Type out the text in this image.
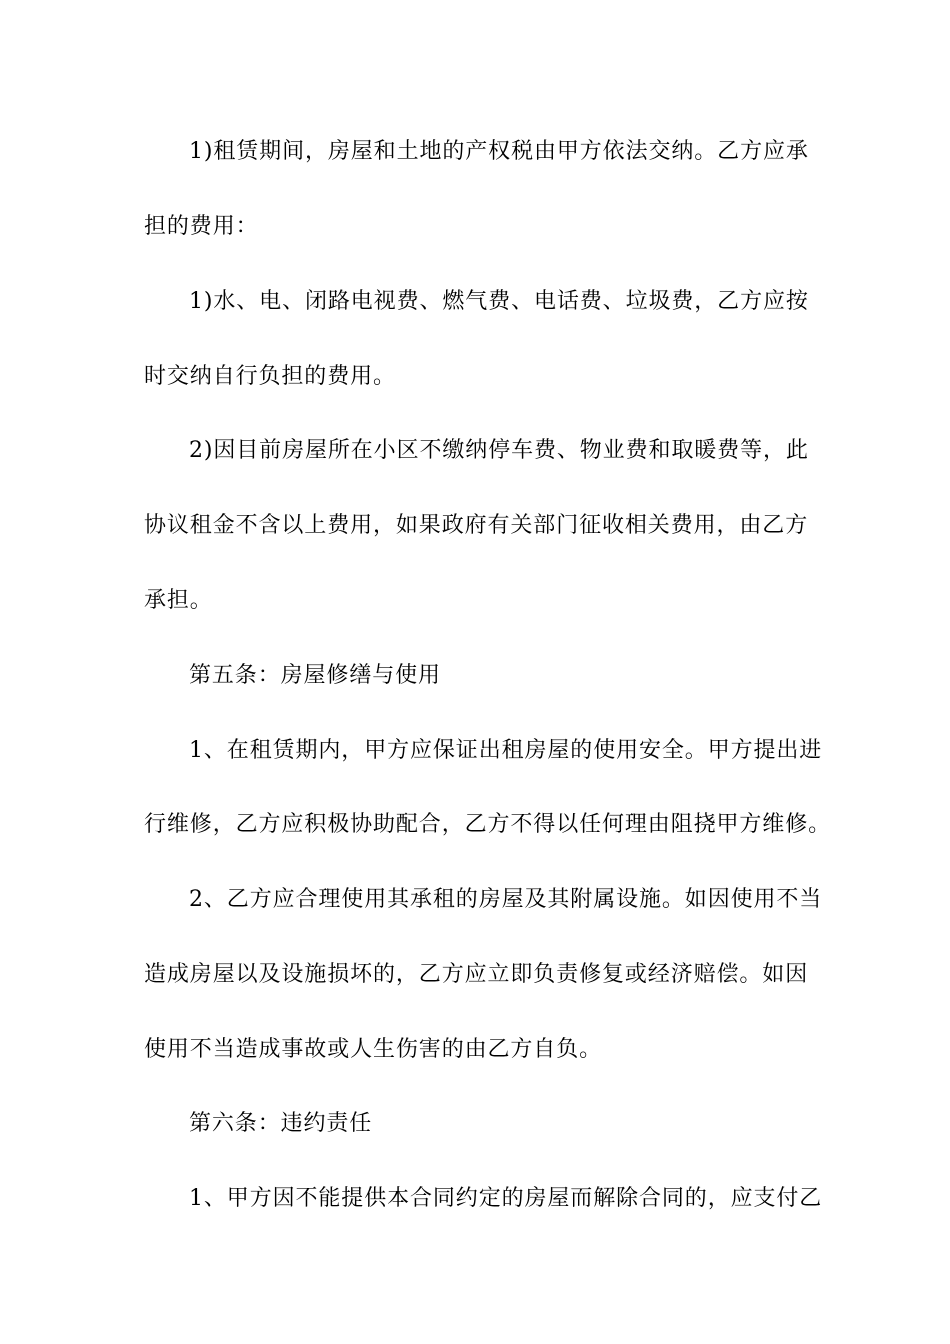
1)租赁期间，房屋和土地的产权税由甲方依法交纳。乙方应承
担的费用：
1)水、电、闭路电视费、燃气费、电话费、垃圾费，乙方应按
时交纳自行负担的费用。
2)因目前房屋所在小区不缴纳停车费、物业费和取暖费等，此
协议租金不含以上费用，如果政府有关部门征收相关费用，由乙方
承担。
第五条：房屋修缮与使用
1、在租赁期内，甲方应保证出租房屋的使用安全。甲方提出进
行维修，乙方应积极协助配合，乙方不得以任何理由阻挠甲方维修。
2、乙方应合理使用其承租的房屋及其附属设施。如因使用不当
造成房屋以及设施损坏的，乙方应立即负责修复或经济赔偿。如因
使用不当造成事故或人生伤害的由乙方自负。
第六条：违约责任
1、甲方因不能提供本合同约定的房屋而解除合同的，应支付乙
